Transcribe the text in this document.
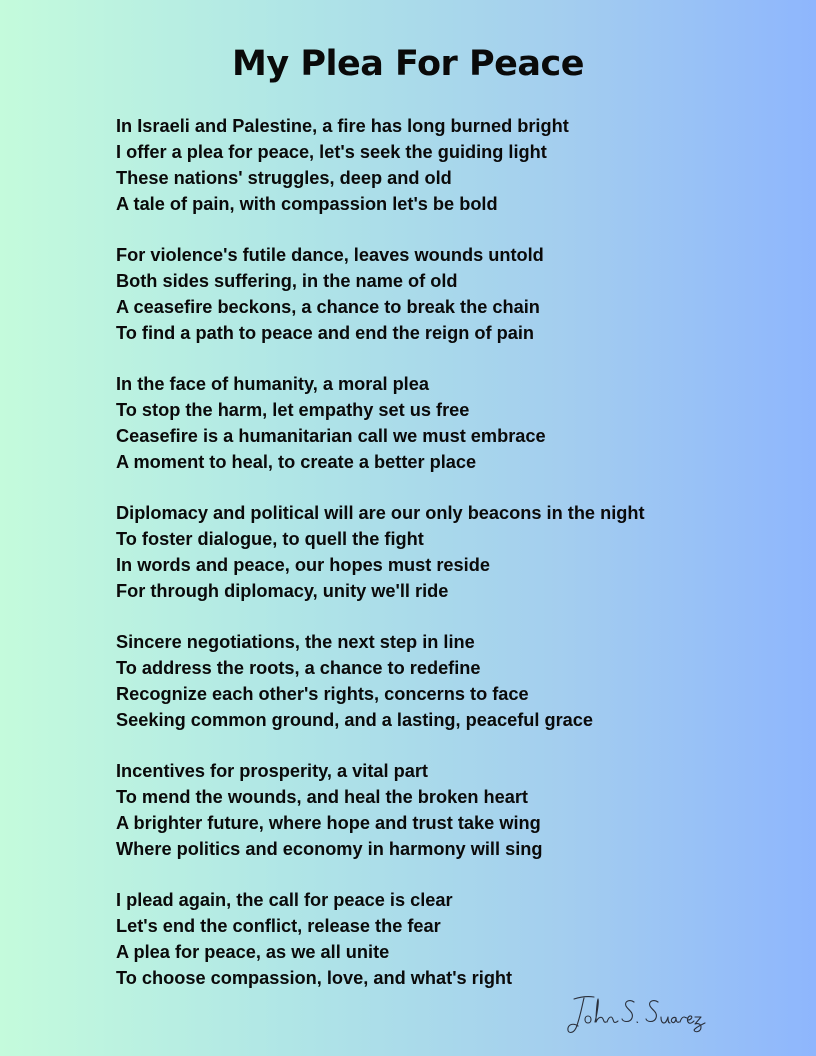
My Plea For Peace
In Israeli and Palestine, a fire has long burned bright
I offer a plea for peace, let's seek the guiding light
These nations' struggles, deep and old
A tale of pain, with compassion let's be bold
For violence's futile dance, leaves wounds untold
Both sides suffering, in the name of old
A ceasefire beckons, a chance to break the chain
To find a path to peace and end the reign of pain
In the face of humanity, a moral plea
To stop the harm, let empathy set us free
Ceasefire is a humanitarian call we must embrace
A moment to heal, to create a better place
Diplomacy and political will are our only beacons in the night
To foster dialogue, to quell the fight
In words and peace, our hopes must reside
For through diplomacy, unity we'll ride
Sincere negotiations, the next step in line
To address the roots, a chance to redefine
Recognize each other's rights, concerns to face
Seeking common ground, and a lasting, peaceful grace
Incentives for prosperity, a vital part
To mend the wounds, and heal the broken heart
A brighter future, where hope and trust take wing
Where politics and economy in harmony will sing
I plead again, the call for peace is clear
Let's end the conflict, release the fear
A plea for peace, as we all unite
To choose compassion, love, and what's right
